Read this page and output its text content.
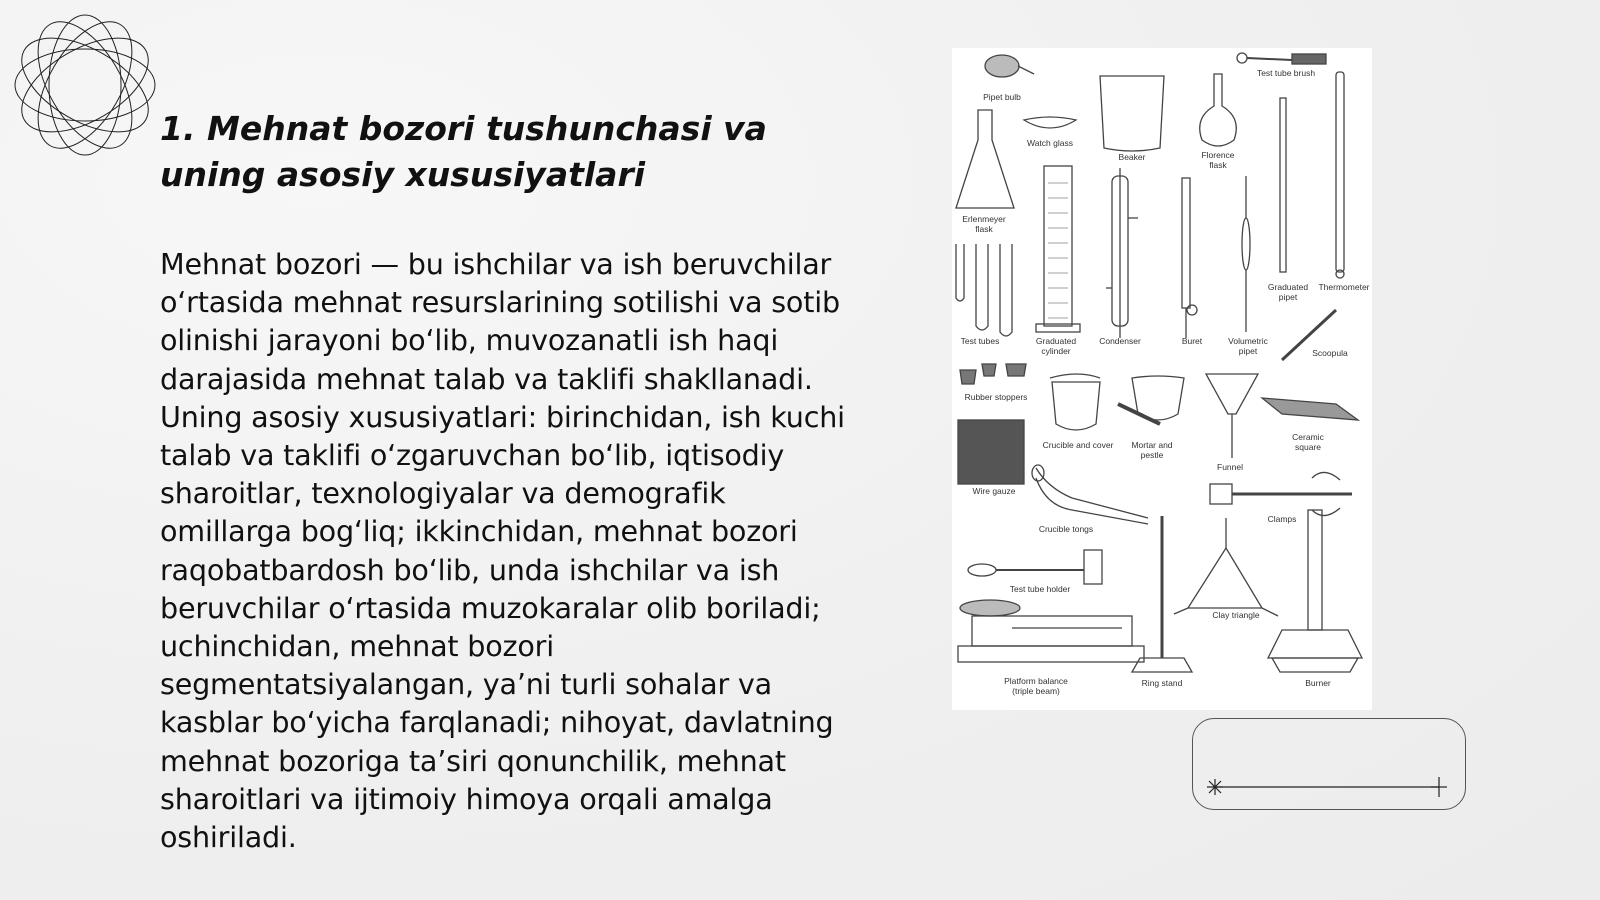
1. Mehnat bozori tushunchasi va uning asosiy xususiyatlari

Mehnat bozori — bu ishchilar va ish beruvchilar o‘rtasida mehnat resurslarining sotilishi va sotib olinishi jarayoni bo‘lib, muvozanatli ish haqi darajasida mehnat talab va taklifi shakllanadi. Uning asosiy xususiyatlari: birinchidan, ish kuchi talab va taklifi o‘zgaruvchan bo‘lib, iqtisodiy sharoitlar, texnologiyalar va demografik omillarga bog‘liq; ikkinchidan, mehnat bozori raqobatbardosh bo‘lib, unda ishchilar va ish beruvchilar o‘rtasida muzokaralar olib boriladi; uchinchidan, mehnat bozori segmentatsiyalangan, ya’ni turli sohalar va kasblar bo‘yicha farqlanadi; nihoyat, davlatning mehnat bozoriga ta’siri qonunchilik, mehnat sharoitlari va ijtimoiy himoya orqali amalga oshiriladi.

Pipet bulb
Test tube brush
Watch glass
Beaker	Florence
flask
Erlenmeyer
flask
Graduated
pipet
Thermometer
Test tubes	Graduated
cylinder
Condenser	Buret	Volumetric
pipet	Scoopula
Rubber stoppers
Crucible and cover Mortar and
pestle
Funnel
Ceramic
square
Wire gauze
Crucible tongs
Clamps
Test tube holder
Clay triangle
Platform balance
(triple beam)
Ring stand	Burner
